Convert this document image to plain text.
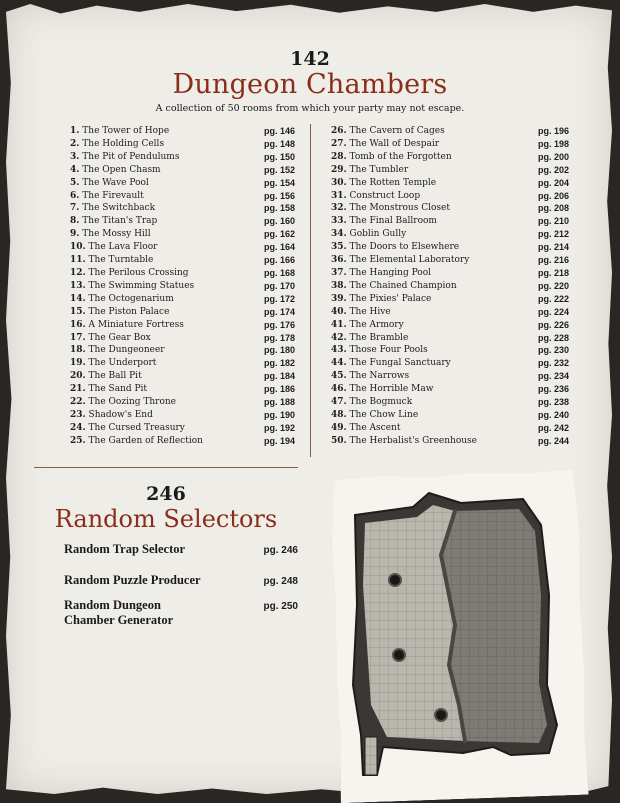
142
Dungeon Chambers
A collection of 50 rooms from which your party may not escape.
1. The Tower of Hope	pg. 146
2. The Holding Cells	pg. 148
3. The Pit of Pendulums	pg. 150
4. The Open Chasm	pg. 152
5. The Wave Pool	pg. 154
6. The Firevault	pg. 156
7. The Switchback	pg. 158
8. The Titan's Trap	pg. 160
9. The Mossy Hill	pg. 162
10. The Lava Floor	pg. 164
11. The Turntable	pg. 166
12. The Perilous Crossing	pg. 168
13. The Swimming Statues	pg. 170
14. The Octogenarium	pg. 172
15. The Piston Palace	pg. 174
16. A Miniature Fortress	pg. 176
17. The Gear Box	pg. 178
18. The Dungeoneer	pg. 180
19. The Underport	pg. 182
20. The Ball Pit	pg. 184
21. The Sand Pit	pg. 186
22. The Oozing Throne	pg. 188
23. Shadow's End	pg. 190
24. The Cursed Treasury	pg. 192
25. The Garden of Reflection	pg. 194
26. The Cavern of Cages	pg. 196
27. The Wall of Despair	pg. 198
28. Tomb of the Forgotten	pg. 200
29. The Tumbler	pg. 202
30. The Rotten Temple	pg. 204
31. Construct Loop	pg. 206
32. The Monstrous Closet	pg. 208
33. The Final Ballroom	pg. 210
34. Goblin Gully	pg. 212
35. The Doors to Elsewhere	pg. 214
36. The Elemental Laboratory	pg. 216
37. The Hanging Pool	pg. 218
38. The Chained Champion	pg. 220
39. The Pixies' Palace	pg. 222
40. The Hive	pg. 224
41. The Armory	pg. 226
42. The Bramble	pg. 228
43. Those Four Pools	pg. 230
44. The Fungal Sanctuary	pg. 232
45. The Narrows	pg. 234
46. The Horrible Maw	pg. 236
47. The Bogmuck	pg. 238
48. The Chow Line	pg. 240
49. The Ascent	pg. 242
50. The Herbalist's Greenhouse	pg. 244
246
Random Selectors
Random Trap Selector	pg. 246
Random Puzzle Producer	pg. 248
Random Dungeon
Chamber Generator
pg. 250
